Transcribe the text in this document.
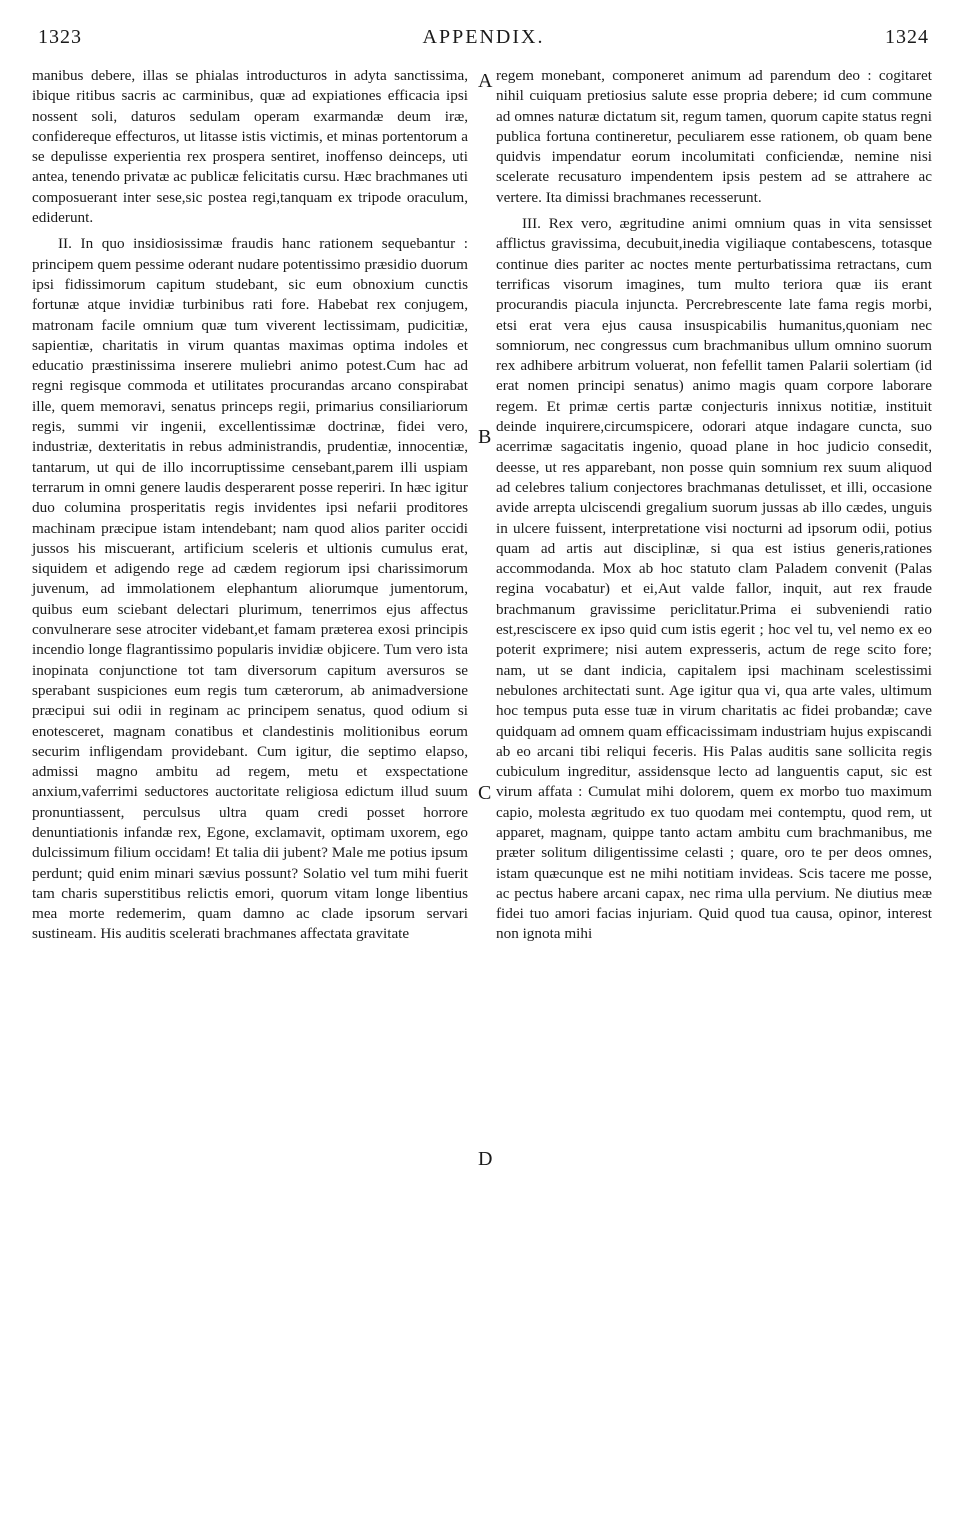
1323	APPENDIX.	1324

manibus debere, illas se phialas introducturos in adyta sanctissima, ibique ritibus sacris ac carminibus, quæ ad expiationes efficacia ipsi nossent soli, daturos sedulam operam exarmandæ deum iræ, confidereque effecturos, ut litasse istis victimis, et minas portentorum a se depulisse experientia rex prospera sentiret, inoffenso deinceps, uti antea, tenendo privatæ ac publicæ felicitatis cursu. Hæc brachmanes uti composuerant inter sese,sic postea regi,tanquam ex tripode oraculum, ediderunt.

II. In quo insidiosissimæ fraudis hanc rationem sequebantur : principem quem pessime oderant nudare potentissimo præsidio duorum ipsi fidissimorum capitum studebant, sic eum obnoxium cunctis fortunæ atque invidiæ turbinibus rati fore. Habebat rex conjugem, matronam facile omnium quæ tum viverent lectissimam, pudicitiæ, sapientiæ, charitatis in virum quantas maximas optima indoles et educatio præstinissima inserere muliebri animo potest.Cum hac ad regni regisque commoda et utilitates procurandas arcano conspirabat ille, quem memoravi, senatus princeps regii, primarius consiliariorum regis, summi vir ingenii, excellentissimæ doctrinæ, fidei vero, industriæ, dexteritatis in rebus administrandis, prudentiæ, innocentiæ, tantarum, ut qui de illo incorruptissime censebant,parem illi uspiam terrarum in omni genere laudis desperarent posse reperiri. In hæc igitur duo columina prosperitatis regis invidentes ipsi nefarii proditores machinam præcipue istam intendebant; nam quod alios pariter occidi jussos his miscuerant, artificium sceleris et ultionis cumulus erat, siquidem et adigendo rege ad cædem regiorum ipsi charissimorum juvenum, ad immolationem elephantum aliorumque jumentorum, quibus eum sciebant delectari plurimum, tenerrimos ejus affectus convulnerare sese atrociter videbant,et famam præterea exosi principis incendio longe flagrantissimo popularis invidiæ objicere. Tum vero ista inopinata conjunctione tot tam diversorum capitum aversuros se sperabant suspiciones eum regis tum cæterorum, ab animadversione præcipui sui odii in reginam ac principem senatus, quod odium si enotesceret, magnam conatibus et clandestinis molitionibus eorum securim infligendam providebant. Cum igitur, die septimo elapso, admissi magno ambitu ad regem, metu et exspectatione anxium,vaferrimi seductores auctoritate religiosa edictum illud suum pronuntiassent, perculsus ultra quam credi posset horrore denuntiationis infandæ rex, Egone, exclamavit, optimam uxorem, ego dulcissimum filium occidam! Et talia dii jubent? Male me potius ipsum perdunt; quid enim minari sævius possunt? Solatio vel tum mihi fuerit tam charis superstitibus relictis emori, quorum vitam longe libentius mea morte redemerim, quam damno ac clade ipsorum servari sustineam. His auditis scelerati brachmanes affectata gravitate

A
B
C
D

regem monebant, componeret animum ad parendum deo : cogitaret nihil cuiquam pretiosius salute esse propria debere; id cum commune ad omnes naturæ dictatum sit, regum tamen, quorum capite status regni publica fortuna contineretur, peculiarem esse rationem, ob quam bene quidvis impendatur eorum incolumitati conficiendæ, nemine nisi scelerate recusaturo impendentem ipsis pestem ad se attrahere ac vertere. Ita dimissi brachmanes recesserunt.

III. Rex vero, ægritudine animi omnium quas in vita sensisset afflictus gravissima, decubuit,inedia vigiliaque contabescens, totasque continue dies pariter ac noctes mente perturbatissima retractans, cum terrificas visorum imagines, tum multo teriora quæ iis erant procurandis piacula injuncta. Percrebrescente late fama regis morbi, etsi erat vera ejus causa insuspicabilis humanitus,quoniam nec somniorum, nec congressus cum brachmanibus ullum omnino suorum rex adhibere arbitrum voluerat, non fefellit tamen Palarii solertiam (id erat nomen principi senatus) animo magis quam corpore laborare regem. Et primæ certis partæ conjecturis innixus notitiæ, instituit deinde inquirere,circumspicere, odorari atque indagare cuncta, suo acerrimæ sagacitatis ingenio, quoad plane in hoc judicio consedit, deesse, ut res apparebant, non posse quin somnium rex suum aliquod ad celebres talium conjectores brachmanas detulisset, et illi, occasione avide arrepta ulciscendi gregalium suorum jussas ab illo cædes, unguis in ulcere fuissent, interpretatione visi nocturni ad ipsorum odii, potius quam ad artis aut disciplinæ, si qua est istius generis,rationes accommodanda. Mox ab hoc statuto clam Paladem convenit (Palas regina vocabatur) et ei,Aut valde fallor, inquit, aut rex fraude brachmanum gravissime periclitatur.Prima ei subveniendi ratio est,resciscere ex ipso quid cum istis egerit ; hoc vel tu, vel nemo ex eo poterit exprimere; nisi autem expresseris, actum de rege scito fore; nam, ut se dant indicia, capitalem ipsi machinam scelestissimi nebulones architectati sunt. Age igitur qua vi, qua arte vales, ultimum hoc tempus puta esse tuæ in virum charitatis ac fidei probandæ; cave quidquam ad omnem quam efficacissimam industriam hujus expiscandi ab eo arcani tibi reliqui feceris. His Palas auditis sane sollicita regis cubiculum ingreditur, assidensque lecto ad languentis caput, sic est virum affata : Cumulat mihi dolorem, quem ex morbo tuo maximum capio, molesta ægritudo ex tuo quodam mei contemptu, quod rem, ut apparet, magnam, quippe tanto actam ambitu cum brachmanibus, me præter solitum diligentissime celasti ; quare, oro te per deos omnes, istam quæcunque est ne mihi notitiam invideas. Scis tacere me posse, ac pectus habere arcani capax, nec rima ulla pervium. Ne diutius meæ fidei tuo amori facias injuriam. Quid quod tua causa, opinor, interest non ignota mihi
